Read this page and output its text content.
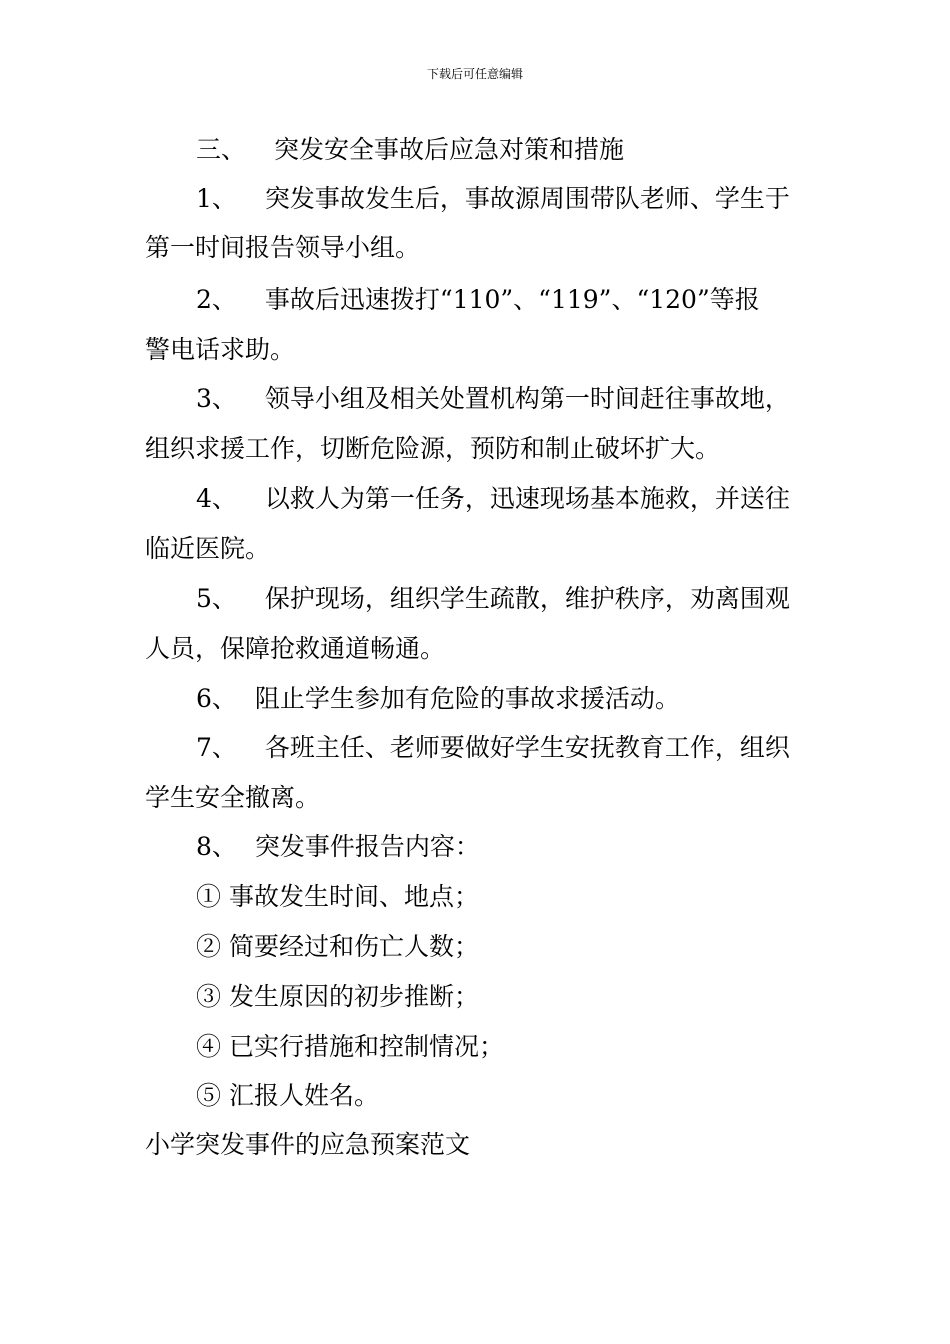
下载后可任意编辑
三、 突发安全事故后应急对策和措施
1、 突发事故发生后，事故源周围带队老师、学生于
第一时间报告领导小组。
2、 事故后迅速拨打“110”、“119”、“120”等报
警电话求助。
3、 领导小组及相关处置机构第一时间赶往事故地，
组织求援工作，切断危险源，预防和制止破坏扩大。
4、 以救人为第一任务，迅速现场基本施救，并送往
临近医院。
5、 保护现场，组织学生疏散，维护秩序，劝离围观
人员，保障抢救通道畅通。
6、 阻止学生参加有危险的事故求援活动。
7、 各班主任、老师要做好学生安抚教育工作，组织
学生安全撤离。
8、 突发事件报告内容：
① 事故发生时间、地点；
② 简要经过和伤亡人数；
③ 发生原因的初步推断；
④ 已实行措施和控制情况；
⑤ 汇报人姓名。
小学突发事件的应急预案范文
